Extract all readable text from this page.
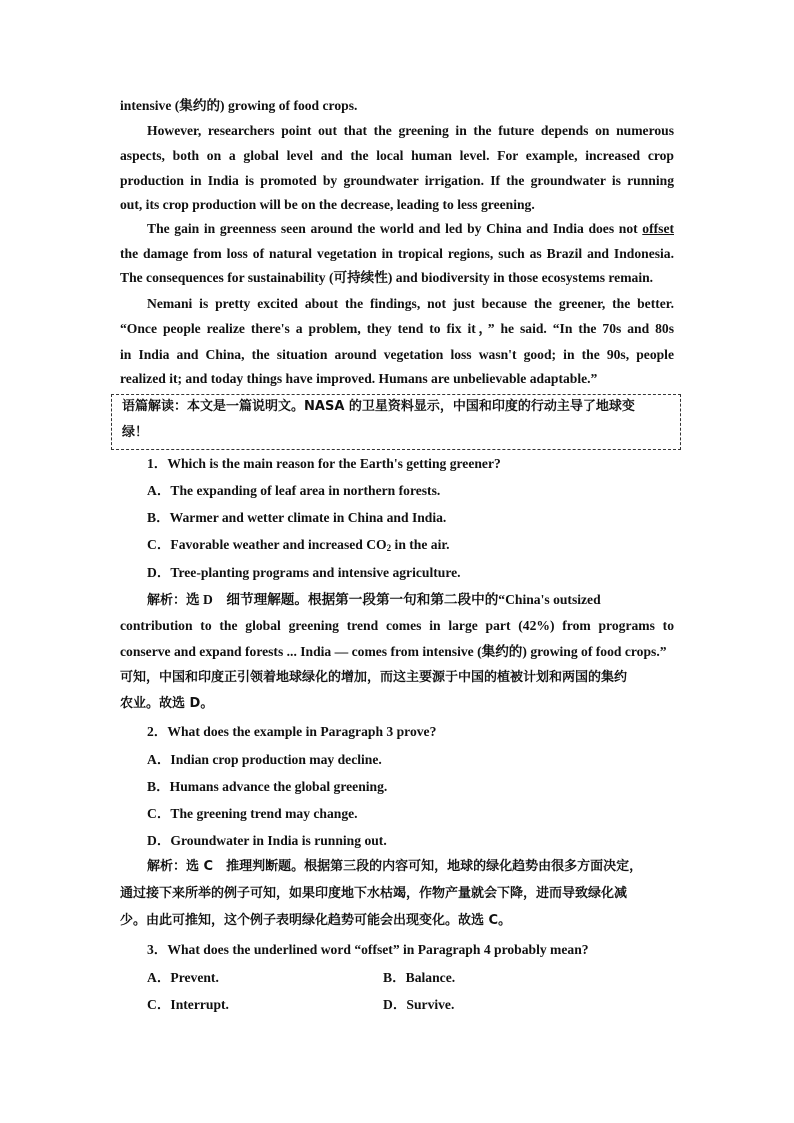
intensive (集约的) growing of food crops.
However, researchers point out that the greening in the future depends on numerous
aspects, both on a global level and the local human level. For example, increased crop
production in India is promoted by groundwater irrigation. If the groundwater is running
out, its crop production will be on the decrease, leading to less greening.
The gain in greenness seen around the world and led by China and India does not offset
the damage from loss of natural vegetation in tropical regions, such as Brazil and Indonesia.
The consequences for sustainability (可持续性) and biodiversity in those ecosystems remain.
Nemani is pretty excited about the findings, not just because the greener, the better.
“Once people realize there's a problem, they tend to fix it，” he said. “In the 70s and 80s
in India and China, the situation around vegetation loss wasn't good; in the 90s, people
realized it; and today things have improved. Humans are unbelievable adaptable.”
语篇解读：本文是一篇说明文。NASA 的卫星资料显示，中国和印度的行动主导了地球变
绿！
1．Which is the main reason for the Earth's getting greener?
A．The expanding of leaf area in northern forests.
B．Warmer and wetter climate in China and India.
C．Favorable weather and increased $CO_2$ in the air.
D．Tree-planting programs and intensive agriculture.
解析：选 D　细节理解题。根据第一段第一句和第二段中的“China's outsized
contribution to the global greening trend comes in large part (42%) from programs to
conserve and expand forests ... India — comes from intensive (集约的) growing of food crops.”
可知，中国和印度正引领着地球绿化的增加，而这主要源于中国的植被计划和两国的集约
农业。故选 D。
2．What does the example in Paragraph 3 prove?
A．Indian crop production may decline.
B．Humans advance the global greening.
C．The greening trend may change.
D．Groundwater in India is running out.
解析：选 C　推理判断题。根据第三段的内容可知，地球的绿化趋势由很多方面决定，
通过接下来所举的例子可知，如果印度地下水枯竭，作物产量就会下降，进而导致绿化减
少。由此可推知，这个例子表明绿化趋势可能会出现变化。故选 C。
3．What does the underlined word “offset” in Paragraph 4 probably mean?
A．Prevent.	B．Balance.
C．Interrupt.	D．Survive.
